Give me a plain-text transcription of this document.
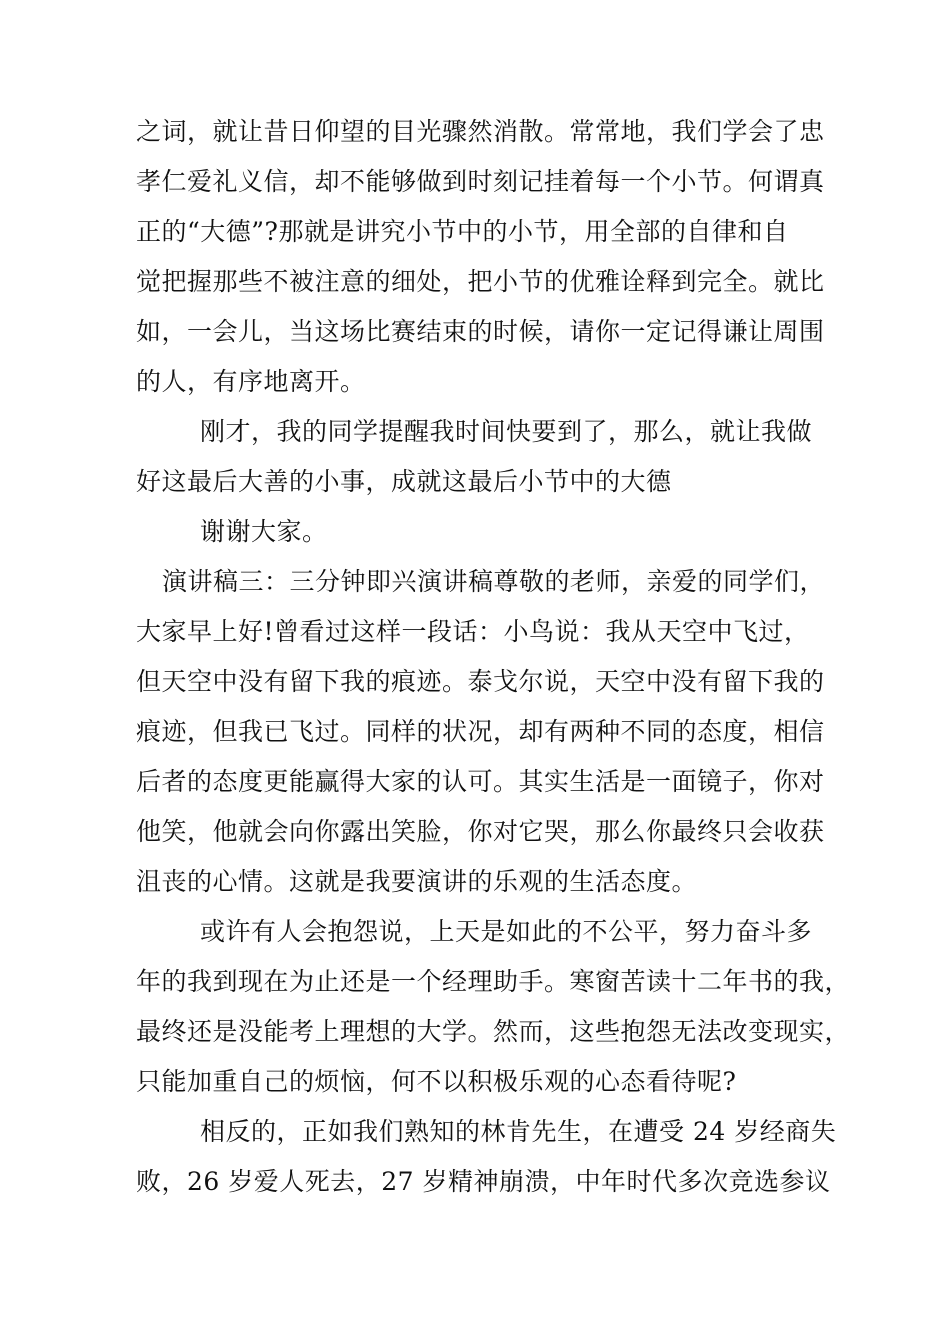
之词，就让昔日仰望的目光骤然消散。常常地，我们学会了忠
孝仁爱礼义信，却不能够做到时刻记挂着每一个小节。何谓真
正的“大德”?那就是讲究小节中的小节，用全部的自律和自
觉把握那些不被注意的细处，把小节的优雅诠释到完全。就比
如，一会儿，当这场比赛结束的时候，请你一定记得谦让周围
的人，有序地离开。
刚才，我的同学提醒我时间快要到了，那么，就让我做
好这最后大善的小事，成就这最后小节中的大德
谢谢大家。
演讲稿三：三分钟即兴演讲稿尊敬的老师，亲爱的同学们，
大家早上好!曾看过这样一段话：小鸟说：我从天空中飞过，
但天空中没有留下我的痕迹。泰戈尔说，天空中没有留下我的
痕迹，但我已飞过。同样的状况，却有两种不同的态度，相信
后者的态度更能赢得大家的认可。其实生活是一面镜子，你对
他笑，他就会向你露出笑脸，你对它哭，那么你最终只会收获
沮丧的心情。这就是我要演讲的乐观的生活态度。
或许有人会抱怨说，上天是如此的不公平，努力奋斗多
年的我到现在为止还是一个经理助手。寒窗苦读十二年书的我，
最终还是没能考上理想的大学。然而，这些抱怨无法改变现实，
只能加重自己的烦恼，何不以积极乐观的心态看待呢?
相反的，正如我们熟知的林肯先生，在遭受 24 岁经商失
败，26 岁爱人死去，27 岁精神崩溃，中年时代多次竞选参议
